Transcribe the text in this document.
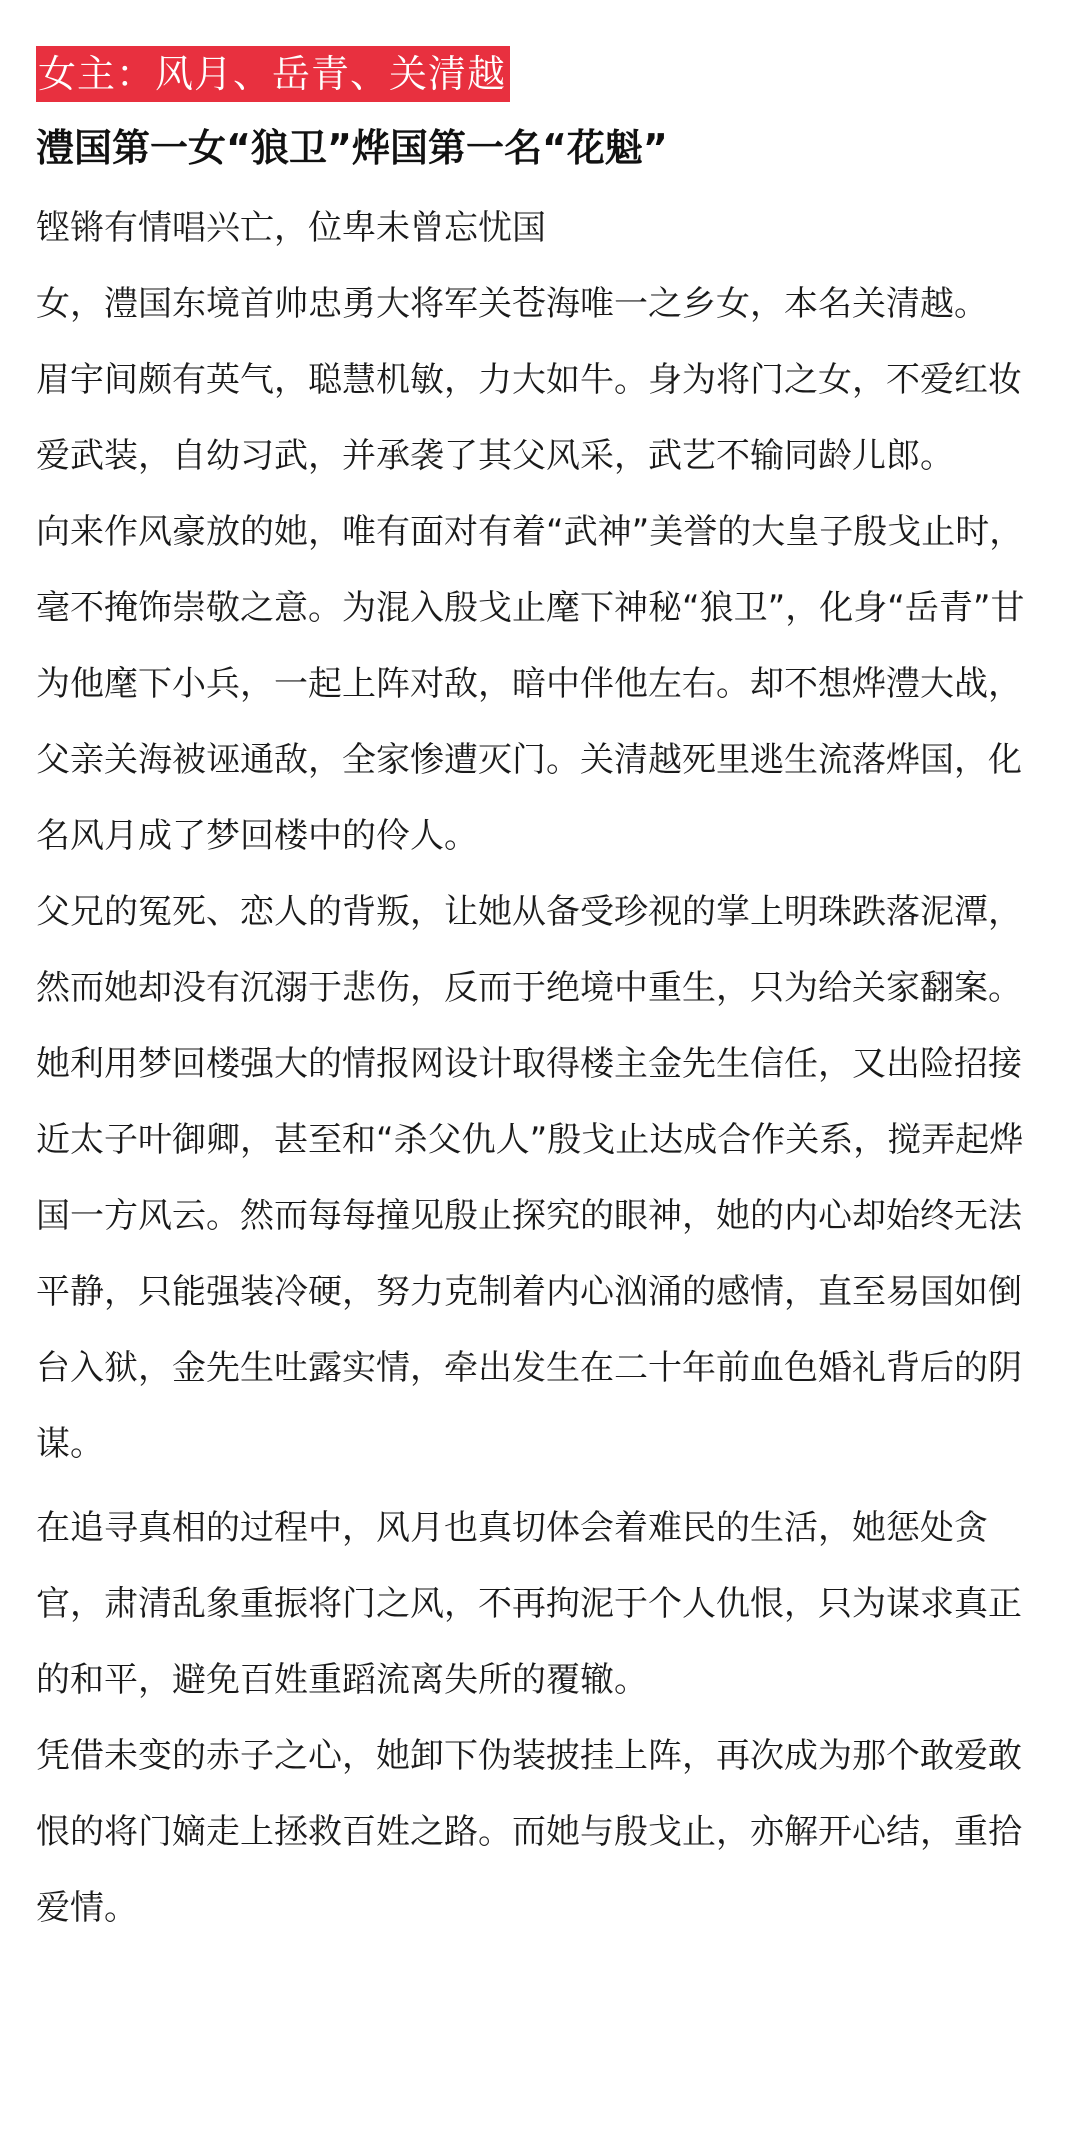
女主：风月、岳青、关清越
澧国第一女“狼卫”烨国第一名“花魁”

铿锵有情唱兴亡，位卑未曾忘忧国

女，澧国东境首帅忠勇大将军关苍海唯一之乡女，本名关清越。

眉宇间颇有英气，聪慧机敏，力大如牛。身为将门之女，不爱红妆爱武装，自幼习武，并承袭了其父风采，武艺不输同龄儿郎。

向来作风豪放的她，唯有面对有着“武神”美誉的大皇子殷戈止时，毫不掩饰崇敬之意。为混入殷戈止麾下神秘“狼卫”，化身“岳青”甘为他麾下小兵，一起上阵对敌，暗中伴他左右。却不想烨澧大战，父亲关海被诬通敌，全家惨遭灭门。关清越死里逃生流落烨国，化名风月成了梦回楼中的伶人。

父兄的冤死、恋人的背叛，让她从备受珍视的掌上明珠跌落泥潭，然而她却没有沉溺于悲伤，反而于绝境中重生，只为给关家翻案。她利用梦回楼强大的情报网设计取得楼主金先生信任，又出险招接近太子叶御卿，甚至和“杀父仇人”殷戈止达成合作关系，搅弄起烨国一方风云。然而每每撞见殷止探究的眼神，她的内心却始终无法平静，只能强装冷硬，努力克制着内心汹涌的感情，直至易国如倒台入狱，金先生吐露实情，牵出发生在二十年前血色婚礼背后的阴谋。

在追寻真相的过程中，风月也真切体会着难民的生活，她惩处贪官，肃清乱象重振将门之风，不再拘泥于个人仇恨，只为谋求真正的和平，避免百姓重蹈流离失所的覆辙。

凭借未变的赤子之心，她卸下伪装披挂上阵，再次成为那个敢爱敢恨的将门嫡走上拯救百姓之路。而她与殷戈止，亦解开心结，重拾爱情。
